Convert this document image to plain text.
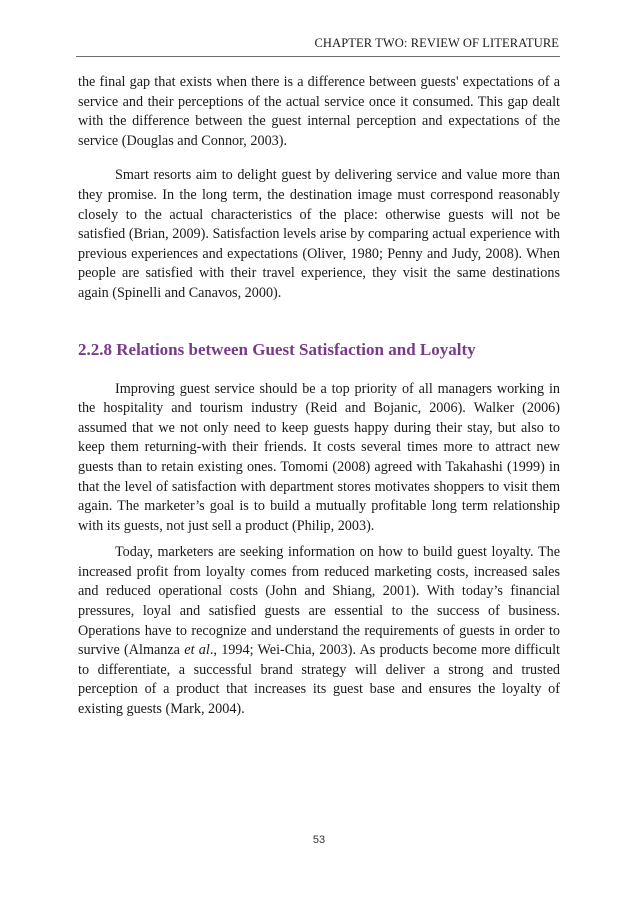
CHAPTER TWO: REVIEW OF LITERATURE

the final gap that exists when there is a difference between guests' expectations of a service and their perceptions of the actual service once it consumed. This gap dealt with the difference between the guest internal perception and expectations of the service (Douglas and Connor, 2003).

Smart resorts aim to delight guest by delivering service and value more than they promise. In the long term, the destination image must correspond reasonably closely to the actual characteristics of the place: otherwise guests will not be satisfied (Brian, 2009). Satisfaction levels arise by comparing actual experience with previous experiences and expectations (Oliver, 1980; Penny and Judy, 2008). When people are satisfied with their travel experience, they visit the same destinations again (Spinelli and Canavos, 2000).

2.2.8 Relations between Guest Satisfaction and Loyalty

Improving guest service should be a top priority of all managers working in the hospitality and tourism industry (Reid and Bojanic, 2006). Walker (2006) assumed that we not only need to keep guests happy during their stay, but also to keep them returning-with their friends. It costs several times more to attract new guests than to retain existing ones. Tomomi (2008) agreed with Takahashi (1999) in that the level of satisfaction with department stores motivates shoppers to visit them again. The marketer’s goal is to build a mutually profitable long term relationship with its guests, not just sell a product (Philip, 2003).

Today, marketers are seeking information on how to build guest loyalty. The increased profit from loyalty comes from reduced marketing costs, increased sales and reduced operational costs (John and Shiang, 2001). With today’s financial pressures, loyal and satisfied guests are essential to the success of business. Operations have to recognize and understand the requirements of guests in order to survive (Almanza et al., 1994; Wei-Chia, 2003). As products become more difficult to differentiate, a successful brand strategy will deliver a strong and trusted perception of a product that increases its guest base and ensures the loyalty of existing guests (Mark, 2004).

53
